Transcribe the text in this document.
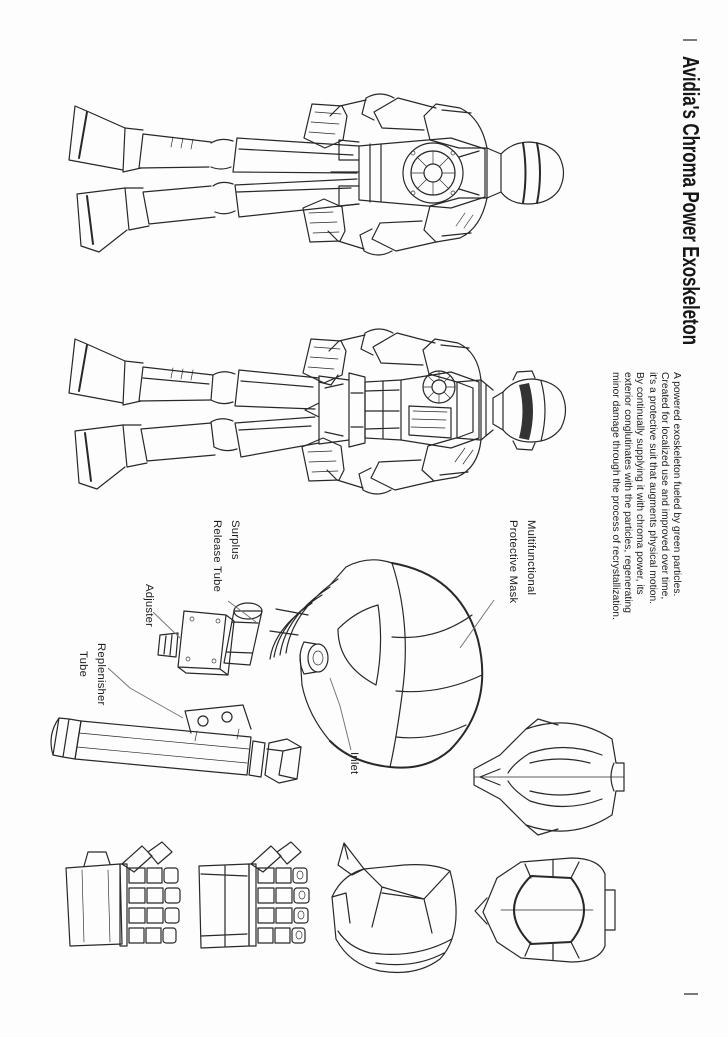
Avidia's Chroma Power Exoskeleton
A powered exoskeleton fueled by green particles.
Created for localized use and improved over time,
it's a protective suit that augments physical motion.
By continually supplying it with chroma power, its
exterior conglutinates with the particles, regenerating
minor damage through the process of recrystallization.
Multifunctional
Protective Mask
Surplus
Release Tube
Adjuster
Replenisher
Tube
Inlet
